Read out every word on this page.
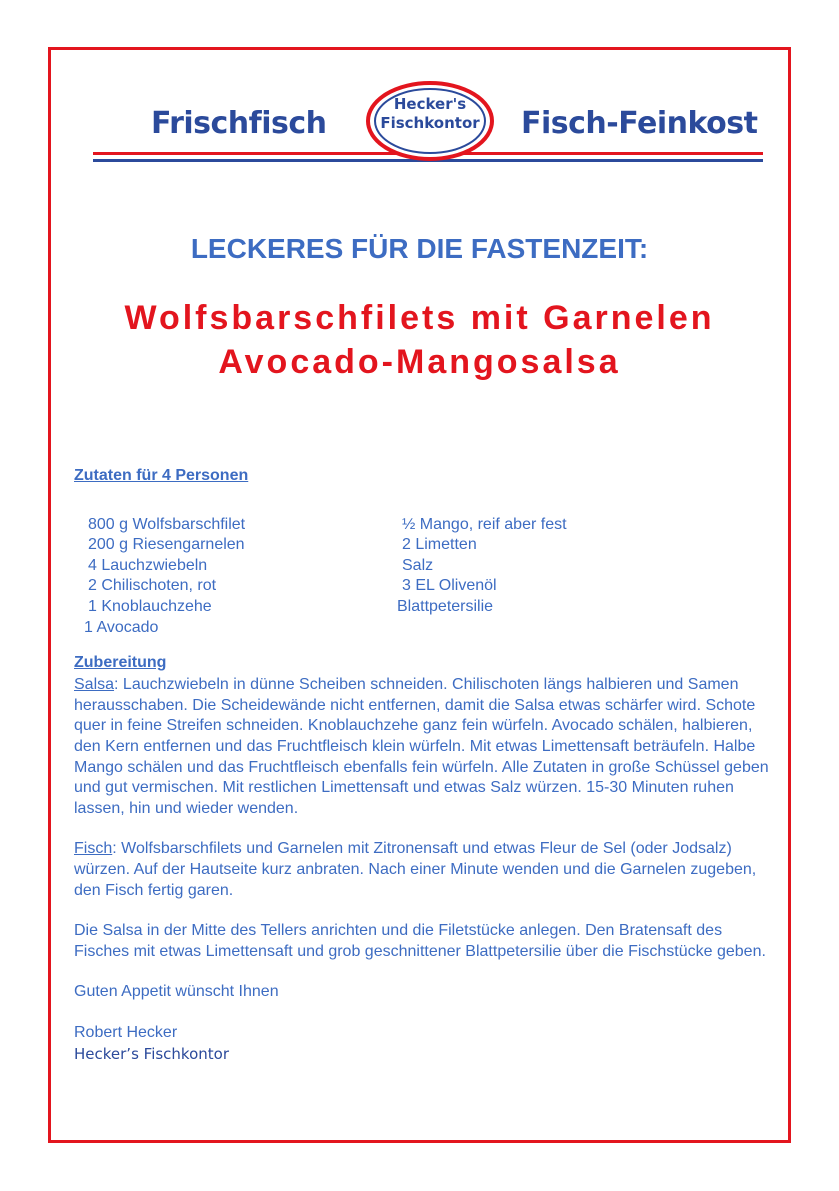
Frischfisch
Hecker's
Fischkontor	Fisch-Feinkost
LECKERES FÜR DIE FASTENZEIT:
Wolfsbarschfilets mit Garnelen
Avocado-Mangosalsa
Zutaten für 4 Personen
800 g Wolfsbarschfilet
200 g Riesengarnelen
4 Lauchzwiebeln
2 Chilischoten, rot
1 Knoblauchzehe
1 Avocado
½ Mango, reif aber fest
2 Limetten
Salz
3 EL Olivenöl
Blattpetersilie
Zubereitung

Salsa: Lauchzwiebeln in dünne Scheiben schneiden. Chilischoten längs halbieren und Samen herausschaben. Die Scheidewände nicht entfernen, damit die Salsa etwas schärfer wird. Schote quer in feine Streifen schneiden. Knoblauchzehe ganz fein würfeln. Avocado schälen, halbieren, den Kern entfernen und das Fruchtfleisch klein würfeln. Mit etwas Limettensaft beträufeln. Halbe Mango schälen und das Fruchtfleisch ebenfalls fein würfeln. Alle Zutaten in große Schüssel geben und gut vermischen. Mit restlichen Limettensaft und etwas Salz würzen. 15-30 Minuten ruhen lassen, hin und wieder wenden.

Fisch: Wolfsbarschfilets und Garnelen mit Zitronensaft und etwas Fleur de Sel (oder Jodsalz) würzen. Auf der Hautseite kurz anbraten. Nach einer Minute wenden und die Garnelen zugeben, den Fisch fertig garen.

Die Salsa in der Mitte des Tellers anrichten und die Filetstücke anlegen. Den Bratensaft des Fisches mit etwas Limettensaft und grob geschnittener Blattpetersilie über die Fischstücke geben.

Guten Appetit wünscht Ihnen

Robert Hecker

Hecker’s Fischkontor
